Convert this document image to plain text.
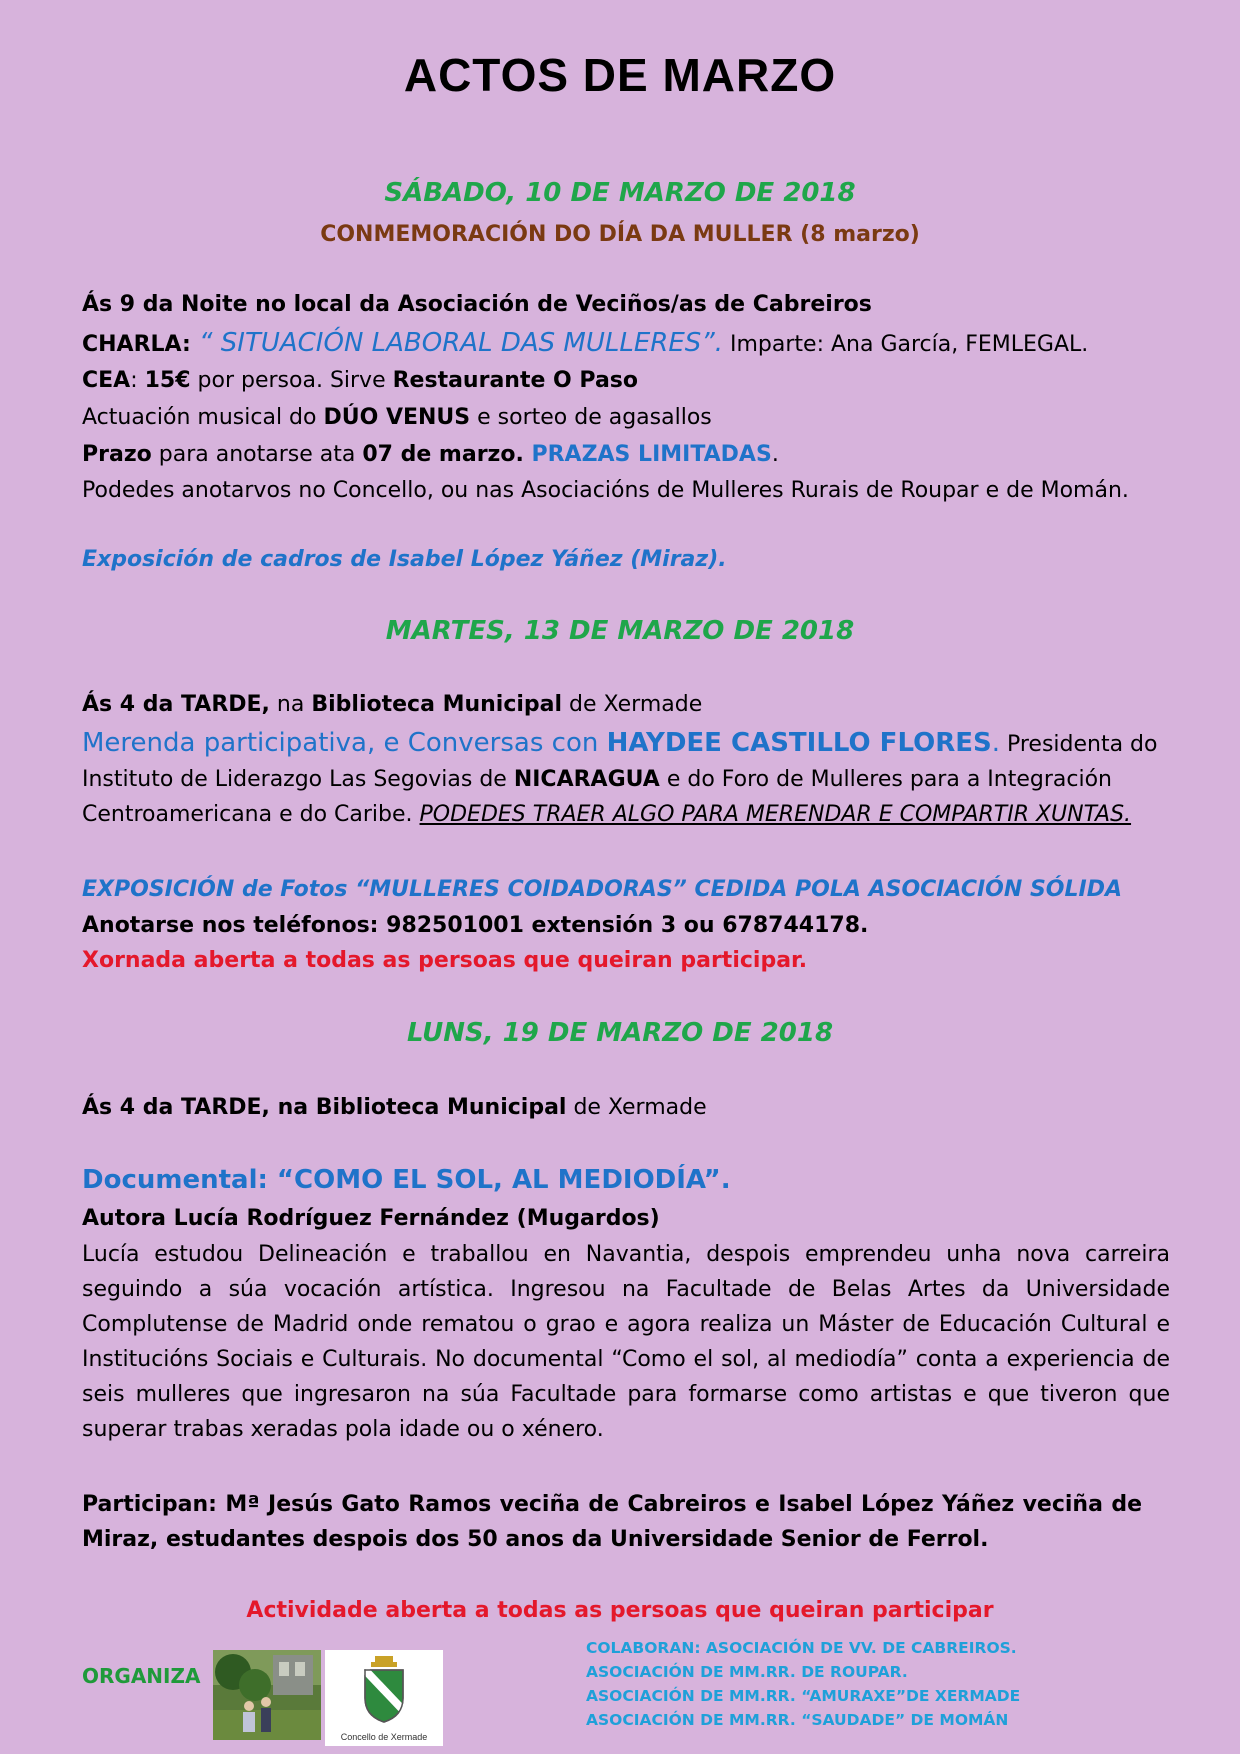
ACTOS DE MARZO
SÁBADO, 10 DE MARZO DE 2018
CONMEMORACIÓN DO DÍA DA MULLER (8 marzo)
Ás 9 da Noite no local da Asociación de Veciños/as de Cabreiros
CHARLA: “ SITUACIÓN LABORAL DAS MULLERES”. Imparte: Ana García, FEMLEGAL.
CEA: 15€ por persoa. Sirve Restaurante O Paso
Actuación musical do DÚO VENUS e sorteo de agasallos
Prazo para anotarse ata 07 de marzo. PRAZAS LIMITADAS.
Podedes anotarvos no Concello, ou nas Asociacións de Mulleres Rurais de Roupar e de Momán.
Exposición de cadros de Isabel López Yáñez (Miraz).
MARTES, 13 DE MARZO DE 2018
Ás 4 da TARDE, na Biblioteca Municipal de Xermade
Merenda participativa, e Conversas con HAYDEE CASTILLO FLORES. Presidenta do Instituto de Liderazgo Las Segovias de NICARAGUA e do Foro de Mulleres para a Integración Centroamericana e do Caribe. PODEDES TRAER ALGO PARA MERENDAR E COMPARTIR XUNTAS.
EXPOSICIÓN de Fotos “MULLERES COIDADORAS” CEDIDA POLA ASOCIACIÓN SÓLIDA
Anotarse nos teléfonos: 982501001 extensión 3 ou 678744178.
Xornada aberta a todas as persoas que queiran participar.
LUNS, 19 DE MARZO DE 2018
Ás 4 da TARDE, na Biblioteca Municipal de Xermade
Documental: “COMO EL SOL, AL MEDIODÍA”.
Autora Lucía Rodríguez Fernández (Mugardos)
Lucía estudou Delineación e traballou en Navantia, despois emprendeu unha nova carreira seguindo a súa vocación artística. Ingresou na Facultade de Belas Artes da Universidade Complutense de Madrid onde rematou o grao e agora realiza un Máster de Educación Cultural e Institucións Sociais e Culturais. No documental “Como el sol, al mediodía” conta a experiencia de seis mulleres que ingresaron na súa Facultade para formarse como artistas e que tiveron que superar trabas xeradas pola idade ou o xénero.
Participan: Mª Jesús Gato Ramos veciña de Cabreiros e Isabel López Yáñez veciña de Miraz, estudantes despois dos 50 anos da Universidade Senior de Ferrol.
Actividade aberta a todas as persoas que queiran participar
ORGANIZA
Concello de Xermade
COLABORAN: ASOCIACIÓN DE VV. DE CABREIROS.
ASOCIACIÓN DE MM.RR. DE ROUPAR.
ASOCIACIÓN DE MM.RR. “AMURAXE”DE XERMADE
ASOCIACIÓN DE MM.RR. “SAUDADE” DE MOMÁN
